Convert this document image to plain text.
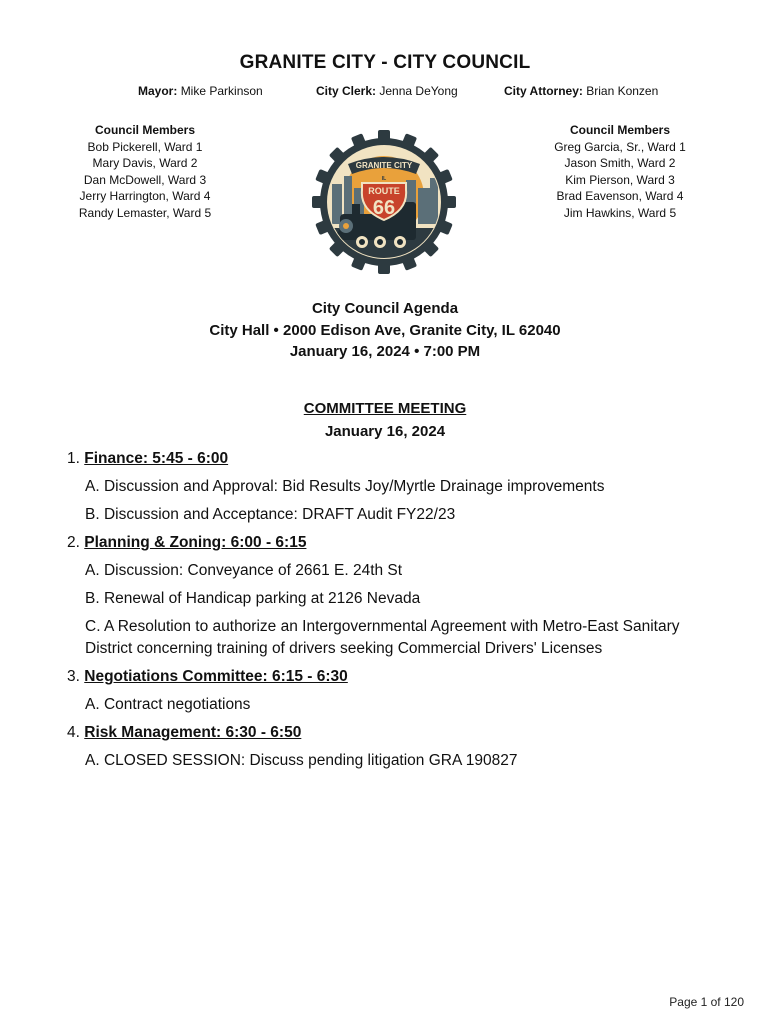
GRANITE CITY - CITY COUNCIL
Mayor: Mike Parkinson	City Clerk: Jenna DeYong	City Attorney: Brian Konzen
Council Members
Bob Pickerell, Ward 1
Mary Davis, Ward 2
Dan McDowell, Ward 3
Jerry Harrington, Ward 4
Randy Lemaster, Ward 5
Council Members
Greg Garcia, Sr., Ward 1
Jason Smith, Ward 2
Kim Pierson, Ward 3
Brad Eavenson, Ward 4
Jim Hawkins, Ward 5
GRANITE CITY
IL
ROUTE
66
City Council Agenda
City Hall • 2000 Edison Ave, Granite City, IL 62040
January 16, 2024 • 7:00 PM
COMMITTEE MEETING
January 16, 2024
1. Finance: 5:45 - 6:00
A. Discussion and Approval: Bid Results Joy/Myrtle Drainage improvements
B. Discussion and Acceptance: DRAFT Audit FY22/23
2. Planning & Zoning: 6:00 - 6:15
A. Discussion: Conveyance of 2661 E. 24th St
B. Renewal of Handicap parking at 2126 Nevada
C. A Resolution to authorize an Intergovernmental Agreement with Metro-East Sanitary District concerning training of drivers seeking Commercial Drivers' Licenses
3. Negotiations Committee: 6:15 - 6:30
A. Contract negotiations
4. Risk Management: 6:30 - 6:50
A. CLOSED SESSION: Discuss pending litigation GRA 190827
Page 1 of 120
